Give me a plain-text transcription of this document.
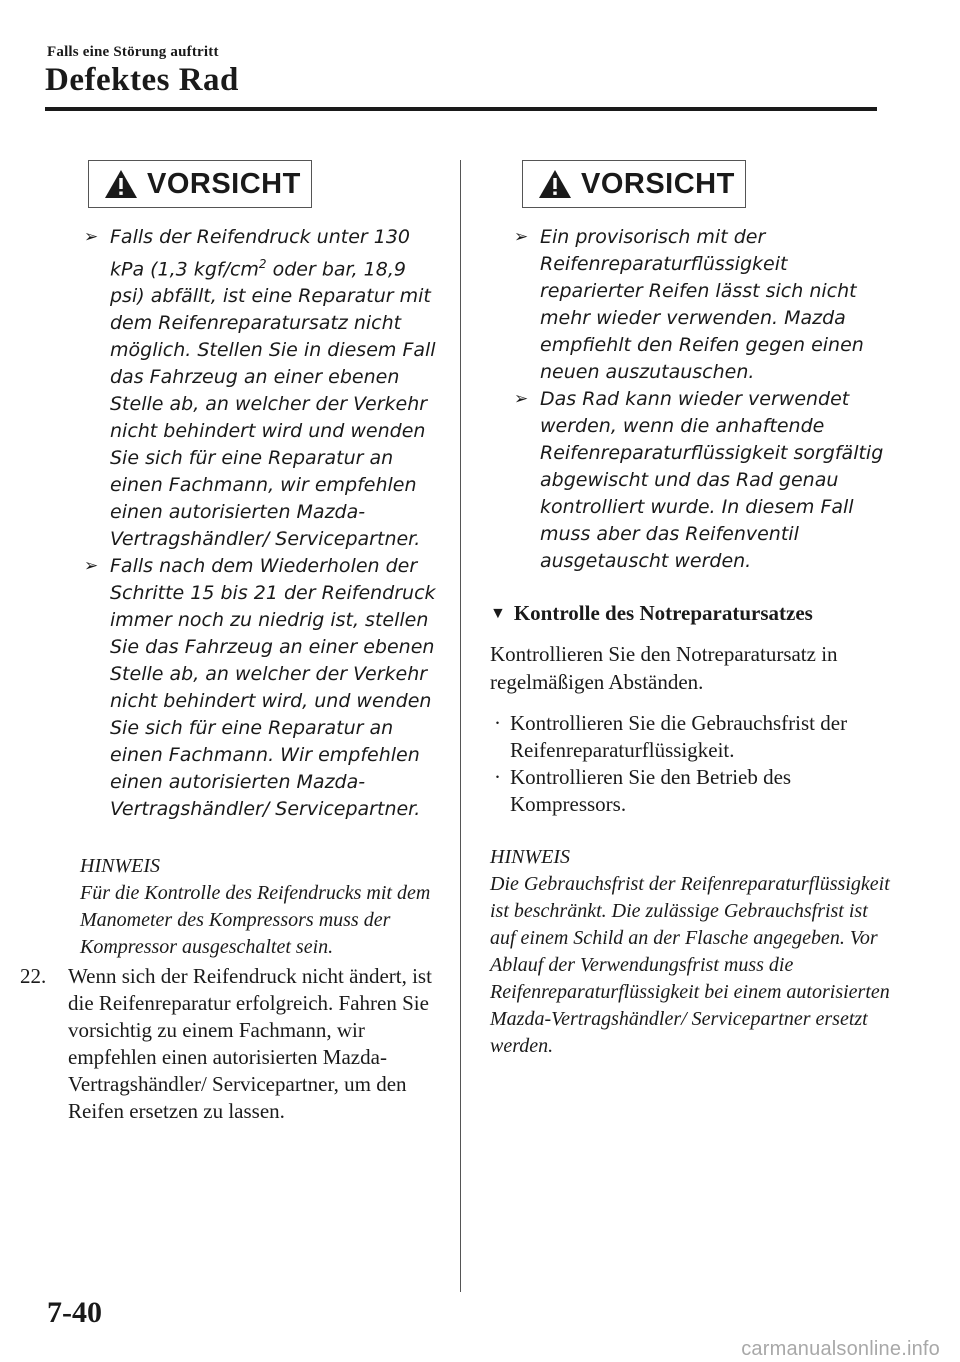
Falls eine Störung auftritt
Defektes Rad
VORSICHT
➢ Falls der Reifendruck unter 130 kPa (1,3 kgf/$cm^2$ oder bar, 18,9 psi) abfällt, ist eine Reparatur mit dem Reifenreparatursatz nicht möglich. Stellen Sie in diesem Fall das Fahrzeug an einer ebenen Stelle ab, an welcher der Verkehr nicht behindert wird und wenden Sie sich für eine Reparatur an einen Fachmann, wir empfehlen einen autorisierten Mazda-Vertragshändler/ Servicepartner.
➢ Falls nach dem Wiederholen der Schritte 15 bis 21 der Reifendruck immer noch zu niedrig ist, stellen Sie das Fahrzeug an einer ebenen Stelle ab, an welcher der Verkehr nicht behindert wird, und wenden Sie sich für eine Reparatur an einen Fachmann. Wir empfehlen einen autorisierten Mazda-Vertragshändler/ Servicepartner.
HINWEIS
Für die Kontrolle des Reifendrucks mit dem Manometer des Kompressors muss der Kompressor ausgeschaltet sein.
22. Wenn sich der Reifendruck nicht ändert, ist die Reifenreparatur erfolgreich. Fahren Sie vorsichtig zu einem Fachmann, wir empfehlen einen autorisierten Mazda-Vertragshändler/ Servicepartner, um den Reifen ersetzen zu lassen.
VORSICHT
➢ Ein provisorisch mit der Reifenreparaturflüssigkeit reparierter Reifen lässt sich nicht mehr wieder verwenden. Mazda empfiehlt den Reifen gegen einen neuen auszutauschen.
➢ Das Rad kann wieder verwendet werden, wenn die anhaftende Reifenreparaturflüssigkeit sorgfältig abgewischt und das Rad genau kontrolliert wurde. In diesem Fall muss aber das Reifenventil ausgetauscht werden.
▼ Kontrolle des Notreparatursatzes
Kontrollieren Sie den Notreparatursatz in regelmäßigen Abständen.
· Kontrollieren Sie die Gebrauchsfrist der Reifenreparaturflüssigkeit.
· Kontrollieren Sie den Betrieb des Kompressors.
HINWEIS
Die Gebrauchsfrist der Reifenreparaturflüssigkeit ist beschränkt. Die zulässige Gebrauchsfrist ist auf einem Schild an der Flasche angegeben. Vor Ablauf der Verwendungsfrist muss die Reifenreparaturflüssigkeit bei einem autorisierten Mazda-Vertragshändler/ Servicepartner ersetzt werden.
7-40
carmanualsonline.info
